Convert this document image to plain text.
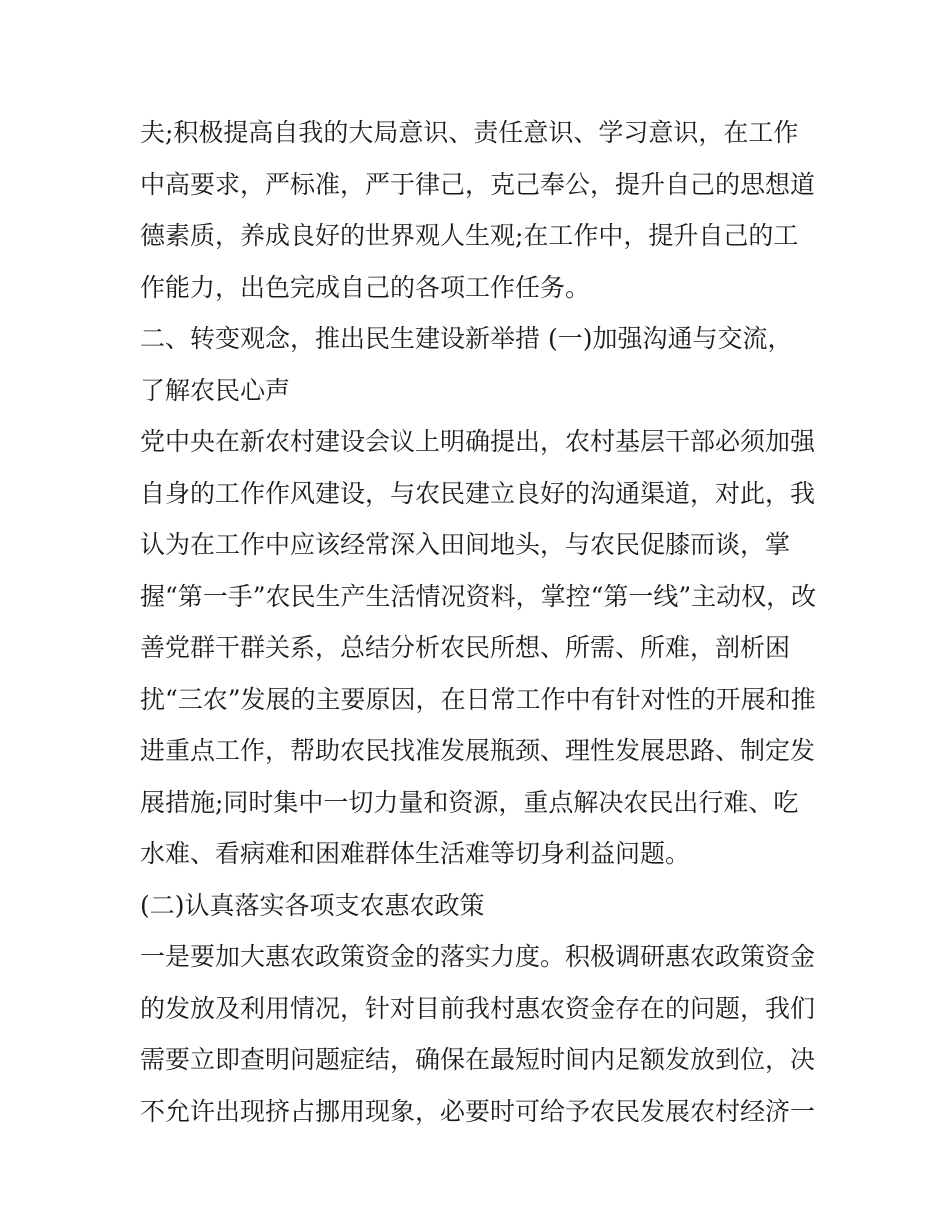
夫;积极提高自我的大局意识、责任意识、学习意识，在工作
中高要求，严标准，严于律己，克己奉公，提升自己的思想道
德素质，养成良好的世界观人生观;在工作中，提升自己的工
作能力，出色完成自己的各项工作任务。
二、转变观念，推出民生建设新举措 (一)加强沟通与交流，
了解农民心声
党中央在新农村建设会议上明确提出，农村基层干部必须加强
自身的工作作风建设，与农民建立良好的沟通渠道，对此，我
认为在工作中应该经常深入田间地头，与农民促膝而谈，掌
握“第一手”农民生产生活情况资料，掌控“第一线”主动权，改
善党群干群关系，总结分析农民所想、所需、所难，剖析困
扰“三农”发展的主要原因，在日常工作中有针对性的开展和推
进重点工作，帮助农民找准发展瓶颈、理性发展思路、制定发
展措施;同时集中一切力量和资源，重点解决农民出行难、吃
水难、看病难和困难群体生活难等切身利益问题。
(二)认真落实各项支农惠农政策
一是要加大惠农政策资金的落实力度。积极调研惠农政策资金
的发放及利用情况，针对目前我村惠农资金存在的问题，我们
需要立即查明问题症结，确保在最短时间内足额发放到位，决
不允许出现挤占挪用现象，必要时可给予农民发展农村经济一
